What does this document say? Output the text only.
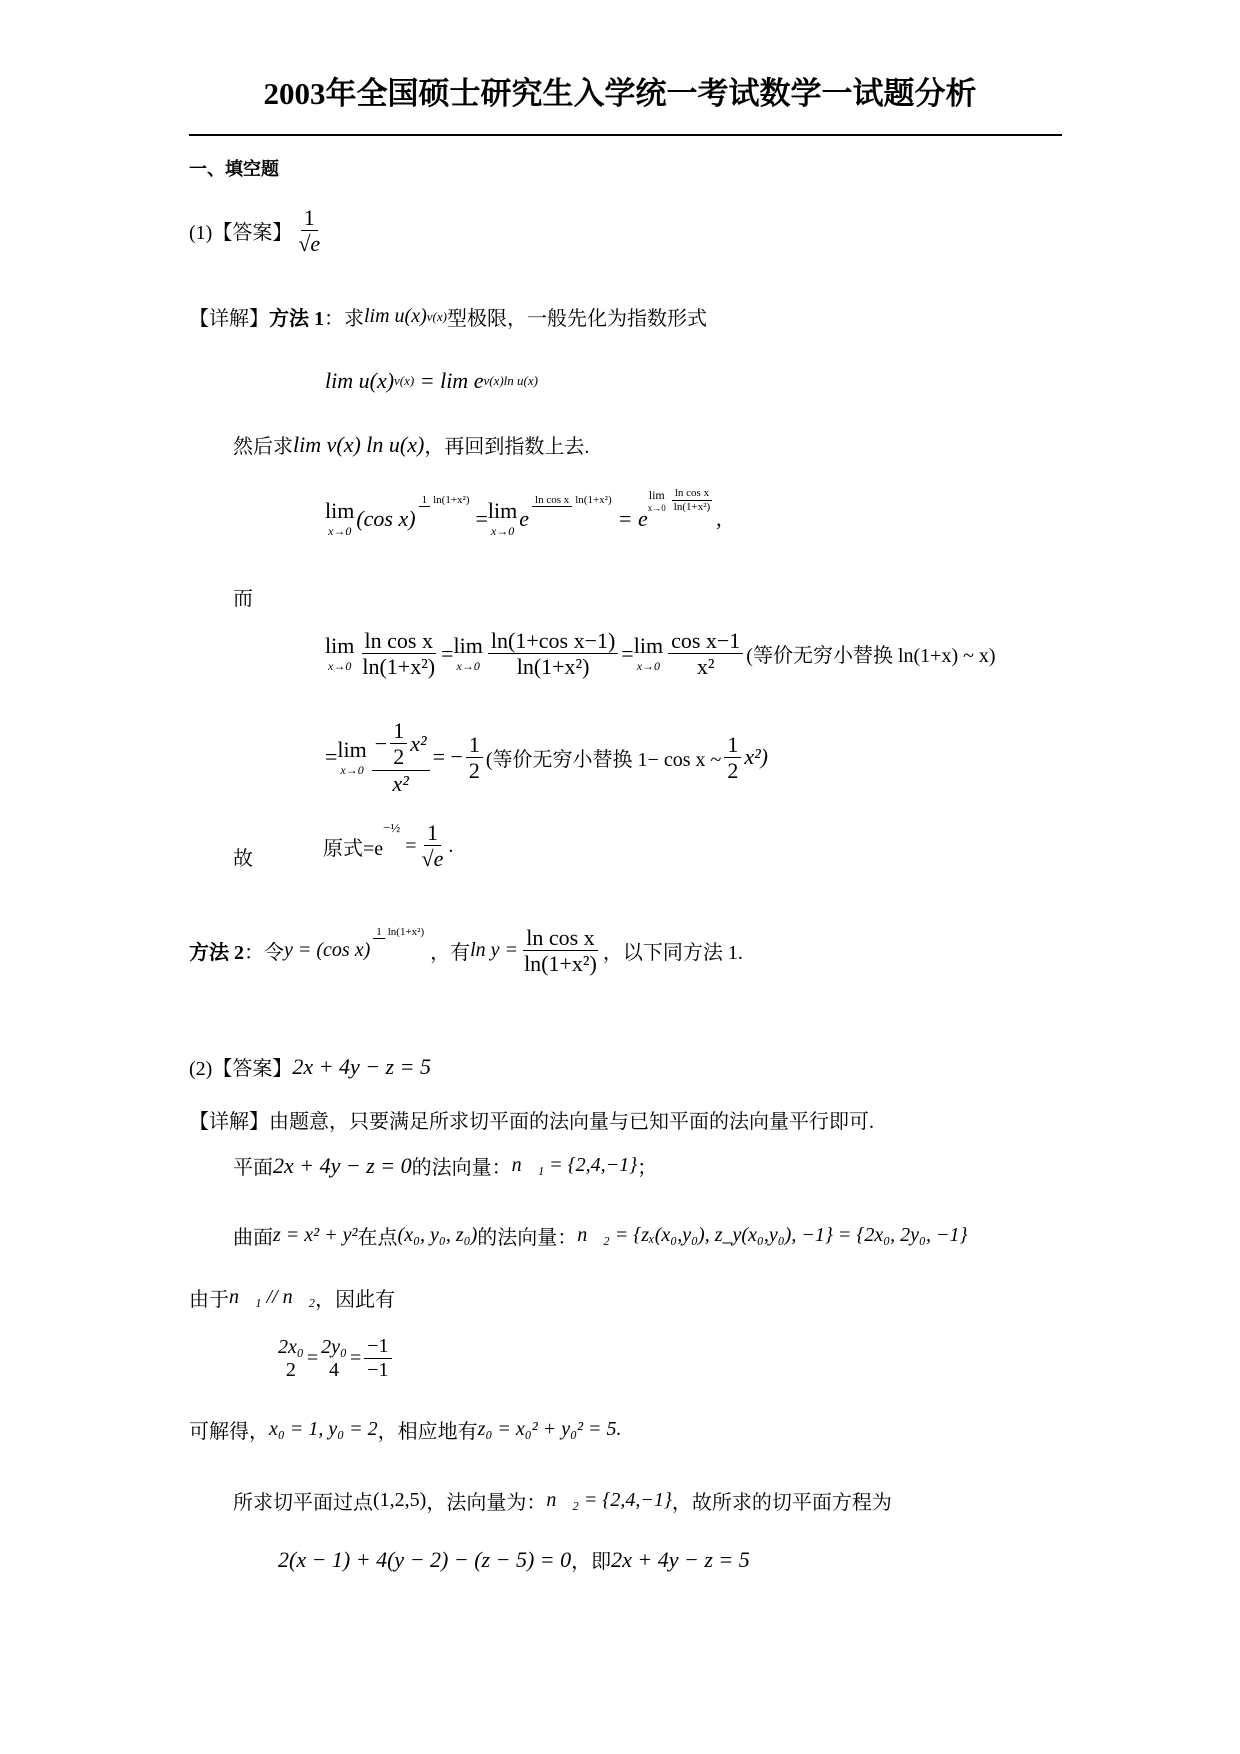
2003年全国硕士研究生入学统一考试数学一试题分析
一、填空题
(1)【答案】 $\frac{1}{√e}$
【详解】 方法 1 ：求 lim u(x) v(x) 型极限，一般先化为指数形式
lim u(x) v(x)
= lim e v(x)ln u(x)
然后求 lim v(x) ln u(x) ，再回到指数上去.
lim
x→0
(cos x)
1 ln(1+x²)
= lim
x→0
e
ln cos x ln(1+x²)
= e
lim
$x\to 0 \frac{\text{ln cos x}}{\text{ln(1+x²)}}$
,
而
lim
$x\to 0 \frac{\text{ln cos x}}{\text{ln(1+x²)}} = \lim$
$x\to 0 \frac{\text{ln(1+cos x−1)}}{\text{ln(1+x²)}} = \lim$
$x\to 0 \frac{\text{cos x−1}}{\text{x²}}$ (等价无穷小替换 ln(1+x) ~ x)
= lim
$x\to 0 \frac{- \frac{1}{2} x^2}{\text{x²}}$ = − $\frac{1}{2}$ (等价无穷小替换 1− cos x ~ $\frac{1}{2} x^2$)
故	原式=e
$^{-\frac{1}{2}}$

= $\frac{1}{√e}$ .
方法 2 ：令 y = (cos x)
1 ln(1+x²)
，有 $\ln y = \frac{\text{ln cos x}}{\text{ln(1+x²)}}$ ，以下同方法 1.
(2)【答案】 2x + 4y − z = 5
【详解】 由题意，只要满足所求切平面的法向量与已知平面的法向量平行即可.
平面 2x + 4y − z = 0 的法向量： n⃗₁ = {2,4,−1} ；
曲面 z = x² + y² 在点 (x₀, y₀, z₀) 的法向量： n⃗₂ = {zₓ(x₀,y₀), z_y(x₀,y₀), −1} = {2x₀, 2y₀, −1}
由于 n⃗₁ // n⃗₂ ，因此有
2x₀
2
=
2y₀
4
= $\frac{-1}{-1}$
可解得， x₀ = 1, y₀ = 2 ，相应地有 z₀ = x₀² + y₀² = 5.
所求切平面过点 (1,2,5) ，法向量为： n⃗₂ = {2,4,−1} ，故所求的切平面方程为
2(x − 1) + 4(y − 2) − (z − 5) = 0 ，即 2x + 4y − z = 5
